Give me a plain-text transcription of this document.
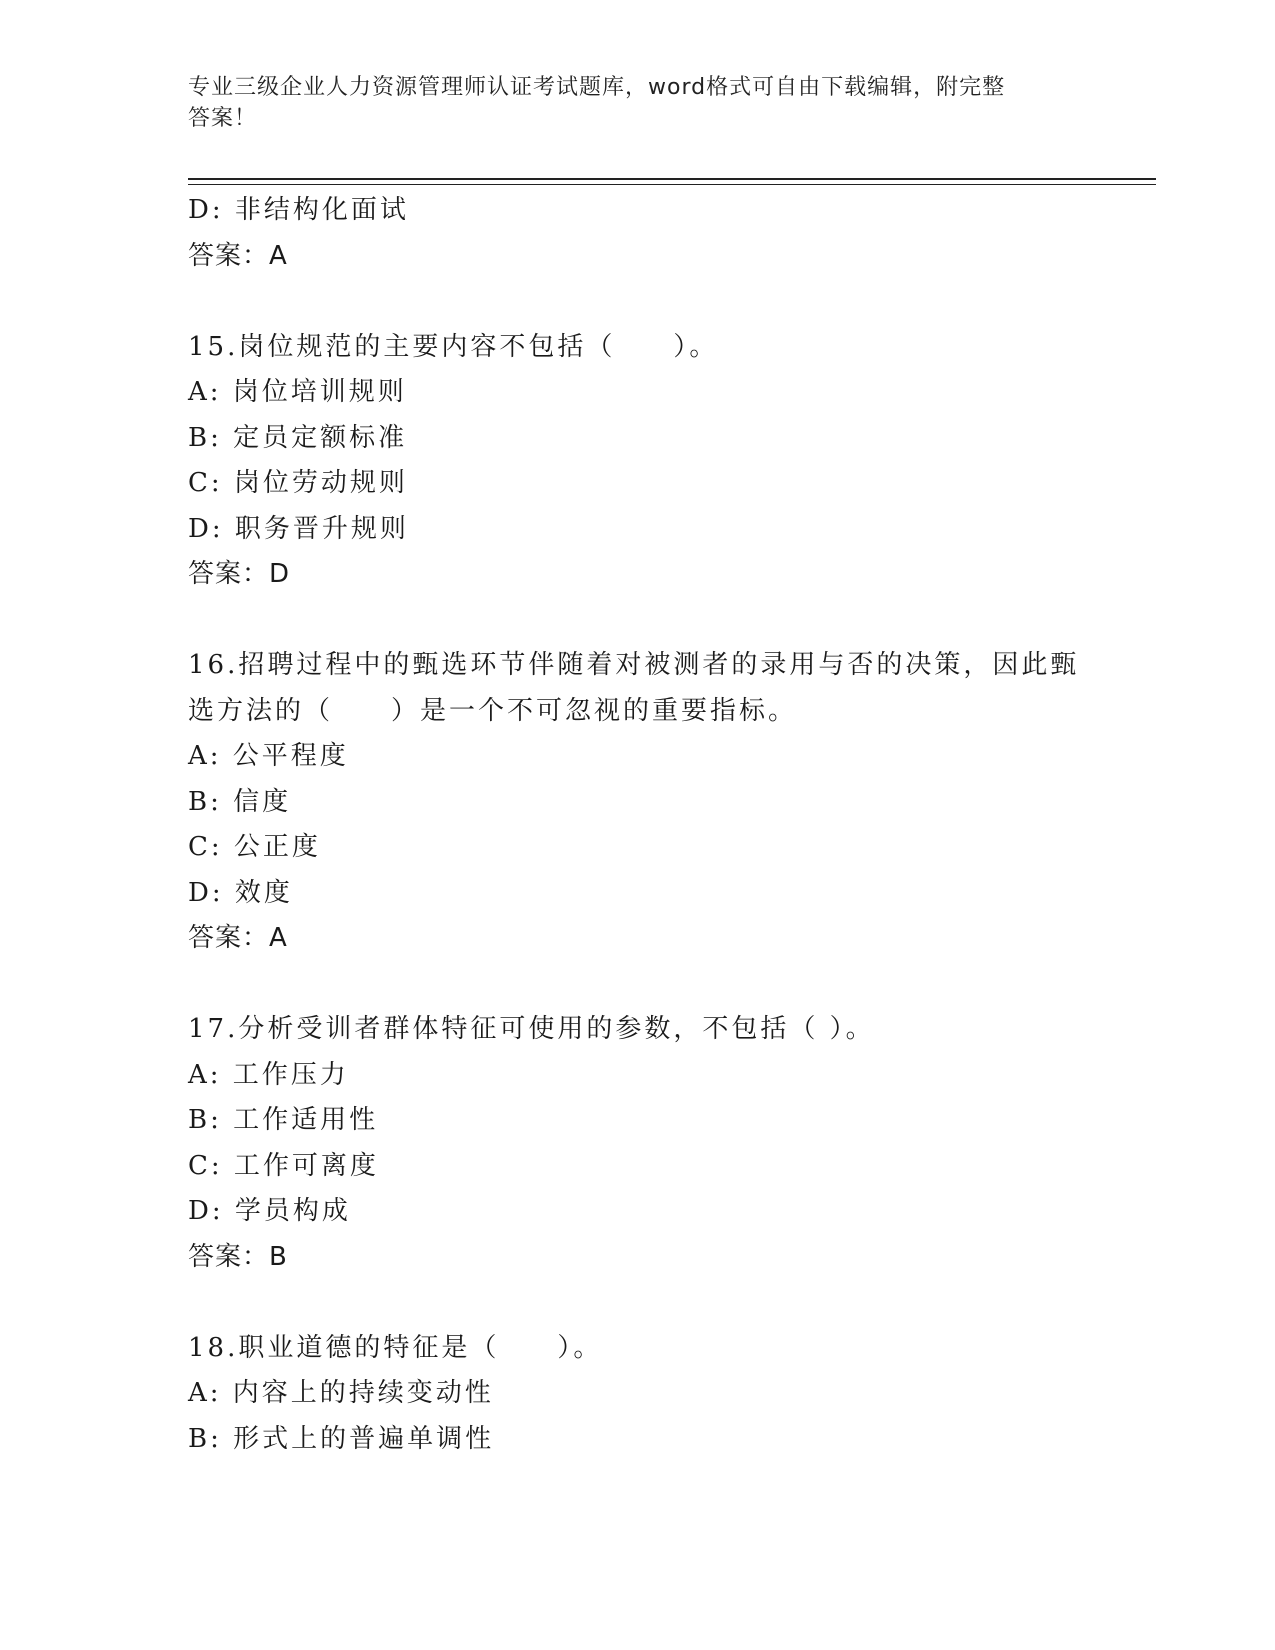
专业三级企业人力资源管理师认证考试题库，word格式可自由下载编辑，附完整
答案！
D: 非结构化面试
答案：A
15.岗位规范的主要内容不包括（　　）。
A: 岗位培训规则
B: 定员定额标准
C: 岗位劳动规则
D: 职务晋升规则
答案：D
16.招聘过程中的甄选环节伴随着对被测者的录用与否的决策，因此甄
选方法的（　　）是一个不可忽视的重要指标。
A: 公平程度
B: 信度
C: 公正度
D: 效度
答案：A
17.分析受训者群体特征可使用的参数，不包括（ ）。
A: 工作压力
B: 工作适用性
C: 工作可离度
D: 学员构成
答案：B
18.职业道德的特征是（　　）。
A: 内容上的持续变动性
B: 形式上的普遍单调性
